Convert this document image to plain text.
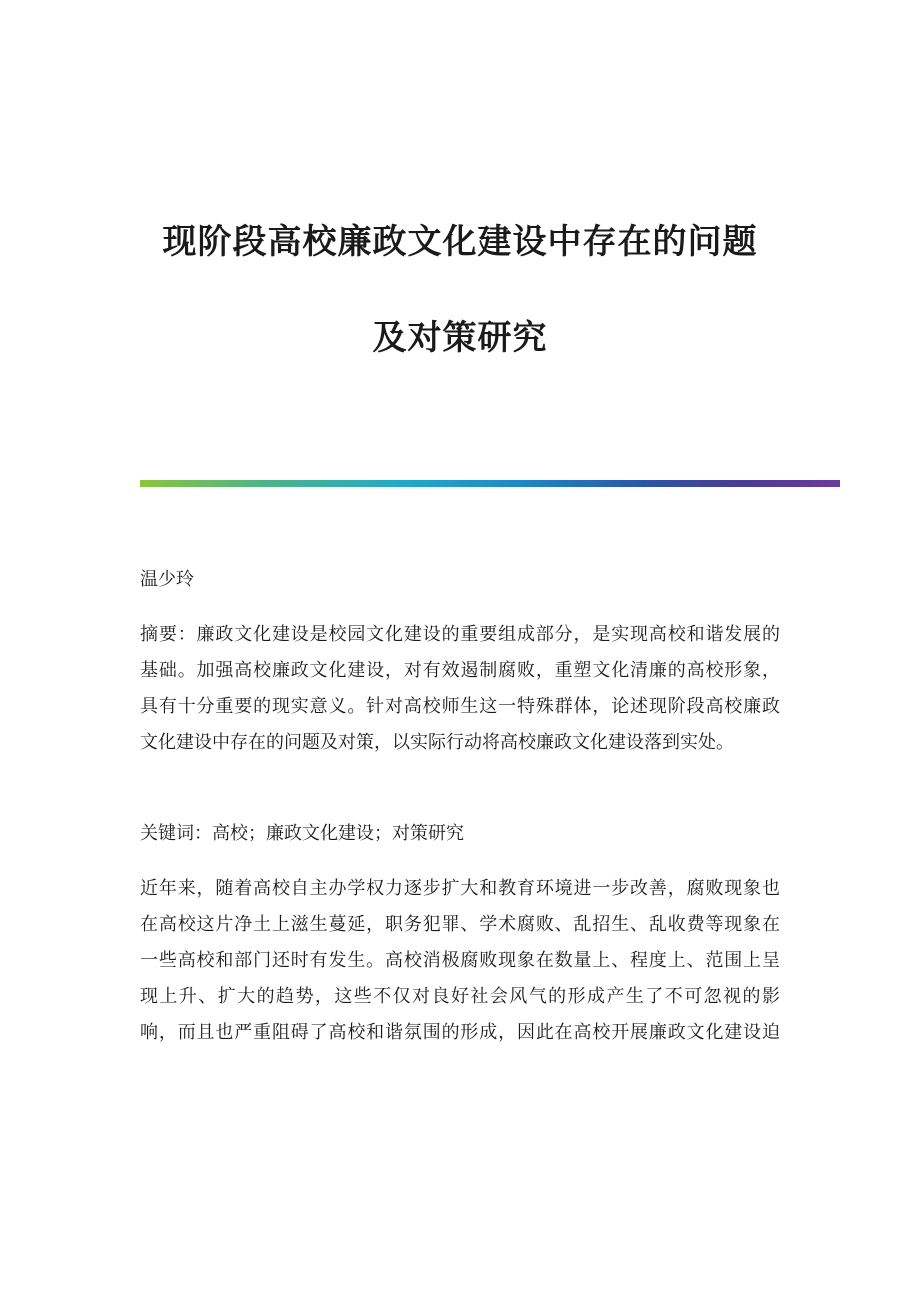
现阶段高校廉政文化建设中存在的问题
及对策研究
温少玲
摘要：廉政文化建设是校园文化建设的重要组成部分，是实现高校和谐发展的
基础。加强高校廉政文化建设，对有效遏制腐败，重塑文化清廉的高校形象，
具有十分重要的现实意义。针对高校师生这一特殊群体，论述现阶段高校廉政
文化建设中存在的问题及对策，以实际行动将高校廉政文化建设落到实处。
关键词：高校；廉政文化建设；对策研究
近年来，随着高校自主办学权力逐步扩大和教育环境进一步改善，腐败现象也
在高校这片净土上滋生蔓延，职务犯罪、学术腐败、乱招生、乱收费等现象在
一些高校和部门还时有发生。高校消极腐败现象在数量上、程度上、范围上呈
现上升、扩大的趋势，这些不仅对良好社会风气的形成产生了不可忽视的影
响，而且也严重阻碍了高校和谐氛围的形成，因此在高校开展廉政文化建设迫
